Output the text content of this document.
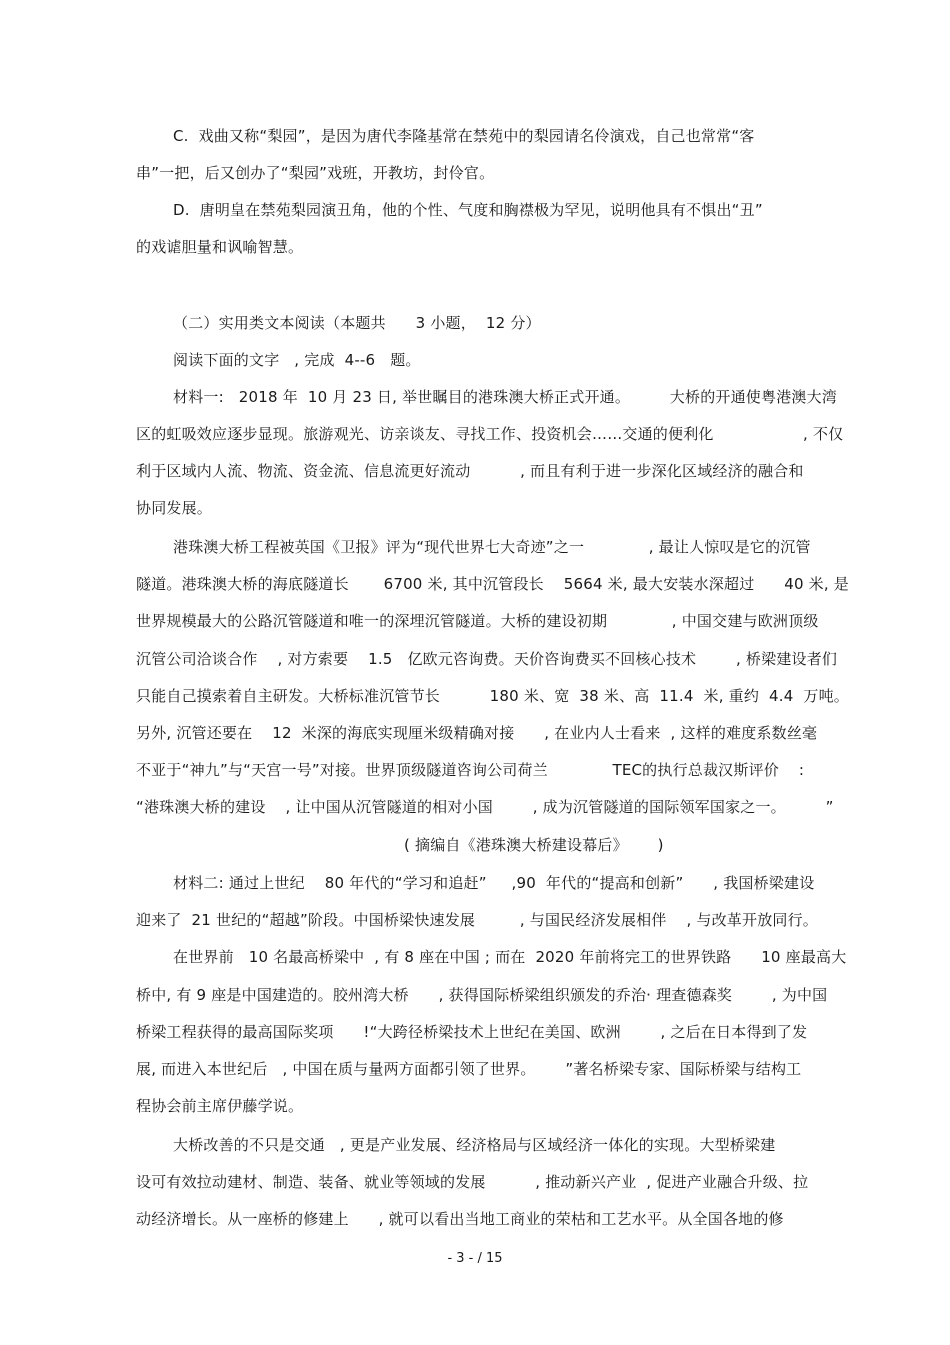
C.  戏曲又称“梨园”，是因为唐代李隆基常在禁苑中的梨园请名伶演戏，自己也常常“客
串”一把，后又创办了“梨园”戏班，开教坊，封伶官。
D.  唐明皇在禁苑梨园演丑角，他的个性、气度和胸襟极为罕见，说明他具有不惧出“丑”
的戏谑胆量和讽喻智慧。
（二）实用类文本阅读（本题共      3 小题，  12 分）
阅读下面的文字   , 完成  4--6   题。
材料一:   2018 年  10 月 23 日, 举世瞩目的港珠澳大桥正式开通。        大桥的开通使粤港澳大湾
区的虹吸效应逐步显现。旅游观光、访亲谈友、寻找工作、投资机会……交通的便利化                  , 不仅
利于区域内人流、物流、资金流、信息流更好流动          , 而且有利于进一步深化区域经济的融合和
协同发展。
港珠澳大桥工程被英国《卫报》评为“现代世界七大奇迹”之一             , 最让人惊叹是它的沉管
隧道。港珠澳大桥的海底隧道长       6700 米, 其中沉管段长    5664 米, 最大安装水深超过      40 米, 是
世界规模最大的公路沉管隧道和唯一的深埋沉管隧道。大桥的建设初期             , 中国交建与欧洲顶级
沉管公司洽谈合作    , 对方索要    1.5   亿欧元咨询费。天价咨询费买不回核心技术        , 桥梁建设者们
只能自己摸索着自主研发。大桥标准沉管节长          180 米、宽  38 米、高  11.4  米, 重约  4.4  万吨。
另外, 沉管还要在    12  米深的海底实现厘米级精确对接      , 在业内人士看来  , 这样的难度系数丝毫
不亚于“神九”与“天宫一号”对接。世界顶级隧道咨询公司荷兰             TEC的执行总裁汉斯评价    :
“港珠澳大桥的建设    , 让中国从沉管隧道的相对小国        , 成为沉管隧道的国际领军国家之一。        ”
( 摘编自《港珠澳大桥建设幕后》      )
材料二: 通过上世纪    80 年代的“学习和追赶”     ,90  年代的“提高和创新”      , 我国桥梁建设
迎来了  21 世纪的“超越”阶段。中国桥梁快速发展         , 与国民经济发展相伴    , 与改革开放同行。
在世界前   10 名最高桥梁中  , 有 8 座在中国 ; 而在  2020 年前将完工的世界铁路      10 座最高大
桥中, 有 9 座是中国建造的。胶州湾大桥      , 获得国际桥梁组织颁发的乔治· 理查德森奖        , 为中国
桥梁工程获得的最高国际奖项      !“大跨径桥梁技术上世纪在美国、欧洲        , 之后在日本得到了发
展, 而进入本世纪后   , 中国在质与量两方面都引领了世界。      ”著名桥梁专家、国际桥梁与结构工
程协会前主席伊藤学说。
大桥改善的不只是交通   , 更是产业发展、经济格局与区域经济一体化的实现。大型桥梁建
设可有效拉动建材、制造、装备、就业等领域的发展          , 推动新兴产业  , 促进产业融合升级、拉
动经济增长。从一座桥的修建上      , 就可以看出当地工商业的荣枯和工艺水平。从全国各地的修
- 3 - / 15
